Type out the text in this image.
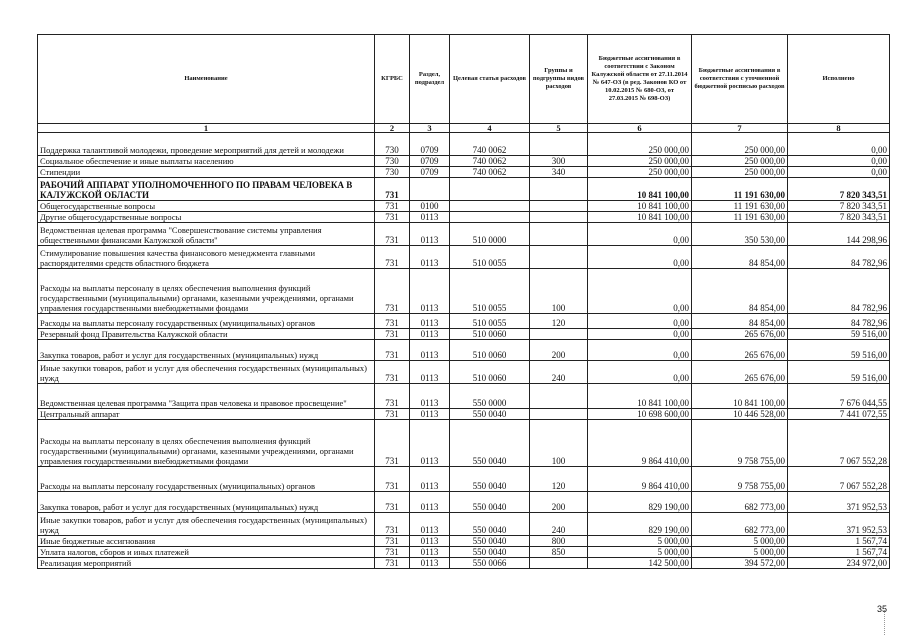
Наименование	КГРБС	Раздел, подраздел	Целевая статья расходов	Группы и подгруппы видов расходов	Бюджетные ассигнования в соответствии с Законом Калужской области от 27.11.2014 № 647-ОЗ (в ред. Законов КО от 10.02.2015 № 680-ОЗ, от 27.03.2015 № 698-ОЗ)	Бюджетные ассигнования в соответствии с уточненной бюджетной росписью расходов	Исполнено
1	2	3	4	5	6	7	8
Поддержка талантливой молодежи, проведение мероприятий для детей и молодежи	730	0709	740 0062		250 000,00	250 000,00	0,00
Социальное обеспечение и иные выплаты населению	730	0709	740 0062	300	250 000,00	250 000,00	0,00
Стипендии	730	0709	740 0062	340	250 000,00	250 000,00	0,00
РАБОЧИЙ АППАРАТ УПОЛНОМОЧЕННОГО ПО ПРАВАМ ЧЕЛОВЕКА В КАЛУЖСКОЙ ОБЛАСТИ	731				10 841 100,00	11 191 630,00	7 820 343,51
Общегосударственные вопросы	731	0100			10 841 100,00	11 191 630,00	7 820 343,51
Другие общегосударственные вопросы	731	0113			10 841 100,00	11 191 630,00	7 820 343,51
Ведомственная целевая программа "Совершенствование системы управления общественными финансами Калужской области"	731	0113	510 0000		0,00	350 530,00	144 298,96
Стимулирование повышения качества финансового менеджмента главными распорядителями средств областного бюджета	731	0113	510 0055		0,00	84 854,00	84 782,96
Расходы на выплаты персоналу в целях обеспечения выполнения функций государственными (муниципальными) органами, казенными учреждениями, органами управления государственными внебюджетными фондами	731	0113	510 0055	100	0,00	84 854,00	84 782,96
Расходы на выплаты персоналу государственных (муниципальных) органов	731	0113	510 0055	120	0,00	84 854,00	84 782,96
Резервный фонд Правительства Калужской области	731	0113	510 0060		0,00	265 676,00	59 516,00
Закупка товаров, работ и услуг для государственных (муниципальных) нужд	731	0113	510 0060	200	0,00	265 676,00	59 516,00
Иные закупки товаров, работ и услуг для обеспечения государственных (муниципальных) нужд	731	0113	510 0060	240	0,00	265 676,00	59 516,00
Ведомственная целевая программа "Защита прав человека и правовое просвещение"	731	0113	550 0000		10 841 100,00	10 841 100,00	7 676 044,55
Центральный аппарат	731	0113	550 0040		10 698 600,00	10 446 528,00	7 441 072,55
Расходы на выплаты персоналу в целях обеспечения выполнения функций государственными (муниципальными) органами, казенными учреждениями, органами управления государственными внебюджетными фондами	731	0113	550 0040	100	9 864 410,00	9 758 755,00	7 067 552,28
Расходы на выплаты персоналу государственных (муниципальных) органов	731	0113	550 0040	120	9 864 410,00	9 758 755,00	7 067 552,28
Закупка товаров, работ и услуг для государственных (муниципальных) нужд	731	0113	550 0040	200	829 190,00	682 773,00	371 952,53
Иные закупки товаров, работ и услуг для обеспечения государственных (муниципальных) нужд	731	0113	550 0040	240	829 190,00	682 773,00	371 952,53
Иные бюджетные ассигнования	731	0113	550 0040	800	5 000,00	5 000,00	1 567,74
Уплата налогов, сборов и иных платежей	731	0113	550 0040	850	5 000,00	5 000,00	1 567,74
Реализация мероприятий	731	0113	550 0066		142 500,00	394 572,00	234 972,00
35
